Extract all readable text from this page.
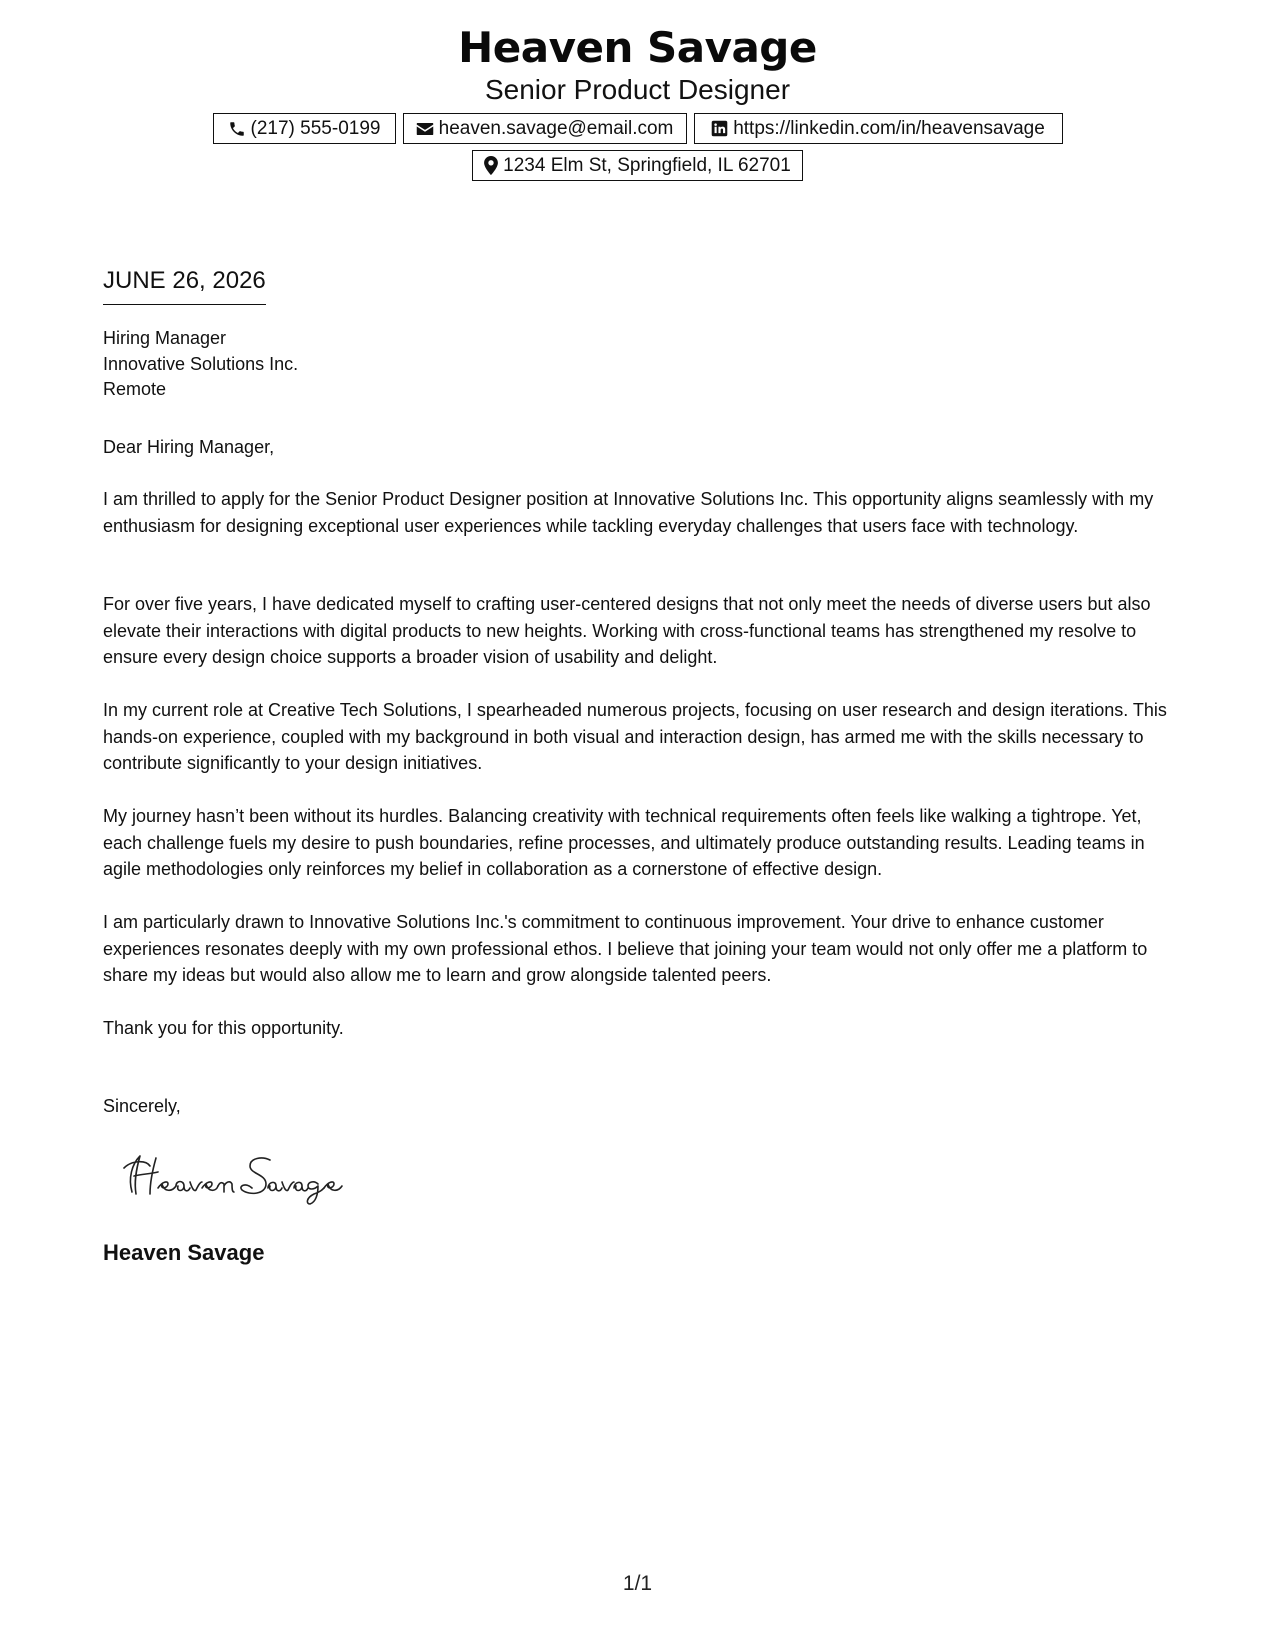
Heaven Savage
Senior Product Designer
(217) 555-0199	heaven.savage@email.com	https://linkedin.com/in/heavensavage
1234 Elm St, Springfield, IL 62701
JUNE 26, 2026
Hiring Manager
Innovative Solutions Inc.
Remote
Dear Hiring Manager,
I am thrilled to apply for the Senior Product Designer position at Innovative Solutions Inc. This opportunity aligns seamlessly with my enthusiasm for designing exceptional user experiences while tackling everyday challenges that users face with technology.
For over five years, I have dedicated myself to crafting user-centered designs that not only meet the needs of diverse users but also elevate their interactions with digital products to new heights. Working with cross-functional teams has strengthened my resolve to ensure every design choice supports a broader vision of usability and delight.
In my current role at Creative Tech Solutions, I spearheaded numerous projects, focusing on user research and design iterations. This hands-on experience, coupled with my background in both visual and interaction design, has armed me with the skills necessary to contribute significantly to your design initiatives.
My journey hasn’t been without its hurdles. Balancing creativity with technical requirements often feels like walking a tightrope. Yet, each challenge fuels my desire to push boundaries, refine processes, and ultimately produce outstanding results. Leading teams in agile methodologies only reinforces my belief in collaboration as a cornerstone of effective design.
I am particularly drawn to Innovative Solutions Inc.'s commitment to continuous improvement. Your drive to enhance customer experiences resonates deeply with my own professional ethos. I believe that joining your team would not only offer me a platform to share my ideas but would also allow me to learn and grow alongside talented peers.
Thank you for this opportunity.
Sincerely,
Heaven Savage
1/1
